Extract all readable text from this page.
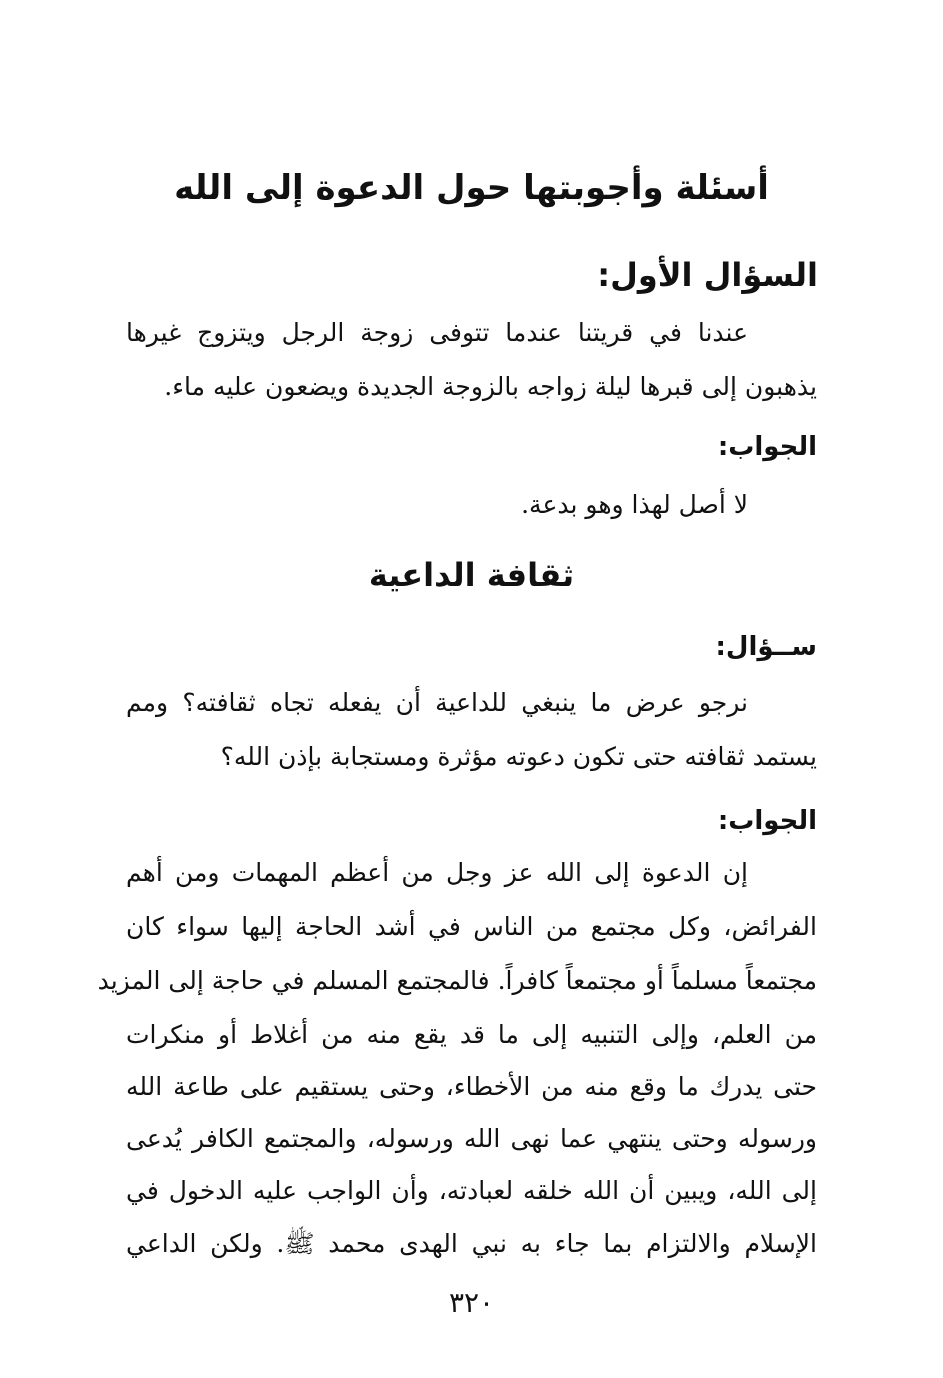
أسئلة وأجوبتها حول الدعوة إلى الله
السؤال الأول:
عندنا في قريتنا عندما تتوفى زوجة الرجل ويتزوج غيرها
يذهبون إلى قبرها ليلة زواجه بالزوجة الجديدة ويضعون عليه ماء.
الجواب:
لا أصل لهذا وهو بدعة.
ثقافة الداعية
ســؤال:
نرجو عرض ما ينبغي للداعية أن يفعله تجاه ثقافته؟ ومم
يستمد ثقافته حتى تكون دعوته مؤثرة ومستجابة بإذن الله؟
الجواب:
إن الدعوة إلى الله عز وجل من أعظم المهمات ومن أهم
الفرائض، وكل مجتمع من الناس في أشد الحاجة إليها سواء كان
مجتمعاً مسلماً أو مجتمعاً كافراً. فالمجتمع المسلم في حاجة إلى المزيد
من العلم، وإلى التنبيه إلى ما قد يقع منه من أغلاط أو منكرات
حتى يدرك ما وقع منه من الأخطاء، وحتى يستقيم على طاعة الله
ورسوله وحتى ينتهي عما نهى الله ورسوله، والمجتمع الكافر يُدعى
إلى الله، ويبين أن الله خلقه لعبادته، وأن الواجب عليه الدخول في
الإسلام والالتزام بما جاء به نبي الهدى محمد ﷺ. ولكن الداعي
٣٢٠
